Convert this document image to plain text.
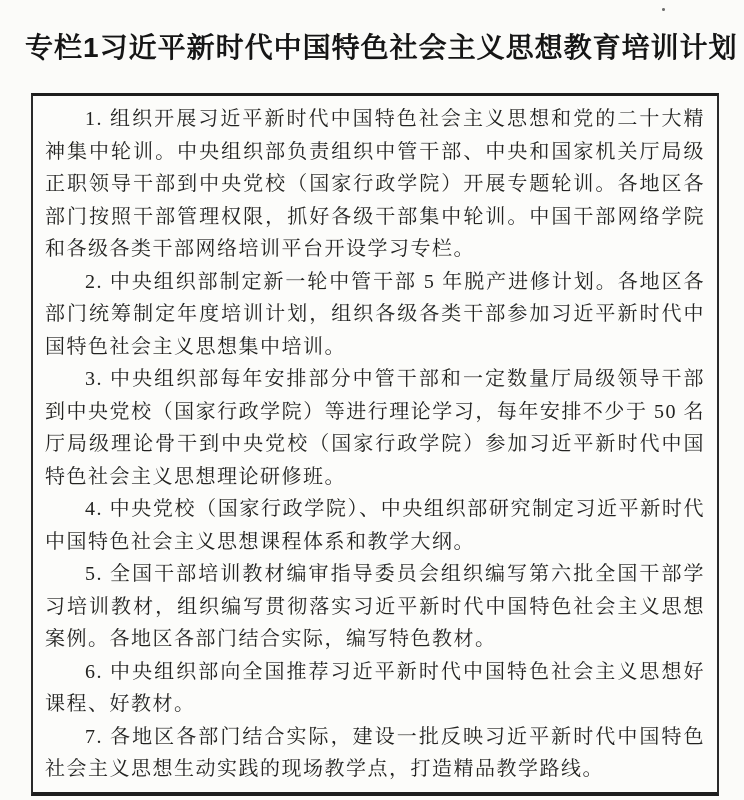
专栏1 习近平新时代中国特色社会主义思想教育培训计划

1. 组织开展习近平新时代中国特色社会主义思想和党的二十大精神集中轮训。中央组织部负责组织中管干部、中央和国家机关厅局级正职领导干部到中央党校（国家行政学院）开展专题轮训。各地区各部门按照干部管理权限，抓好各级干部集中轮训。中国干部网络学院和各级各类干部网络培训平台开设学习专栏。

2. 中央组织部制定新一轮中管干部 5 年脱产进修计划。各地区各部门统筹制定年度培训计划，组织各级各类干部参加习近平新时代中国特色社会主义思想集中培训。

3. 中央组织部每年安排部分中管干部和一定数量厅局级领导干部到中央党校（国家行政学院）等进行理论学习，每年安排不少于 50 名厅局级理论骨干到中央党校（国家行政学院）参加习近平新时代中国特色社会主义思想理论研修班。

4. 中央党校（国家行政学院）、中央组织部研究制定习近平新时代中国特色社会主义思想课程体系和教学大纲。

5. 全国干部培训教材编审指导委员会组织编写第六批全国干部学习培训教材，组织编写贯彻落实习近平新时代中国特色社会主义思想案例。各地区各部门结合实际，编写特色教材。

6. 中央组织部向全国推荐习近平新时代中国特色社会主义思想好课程、好教材。

7. 各地区各部门结合实际，建设一批反映习近平新时代中国特色社会主义思想生动实践的现场教学点，打造精品教学路线。
